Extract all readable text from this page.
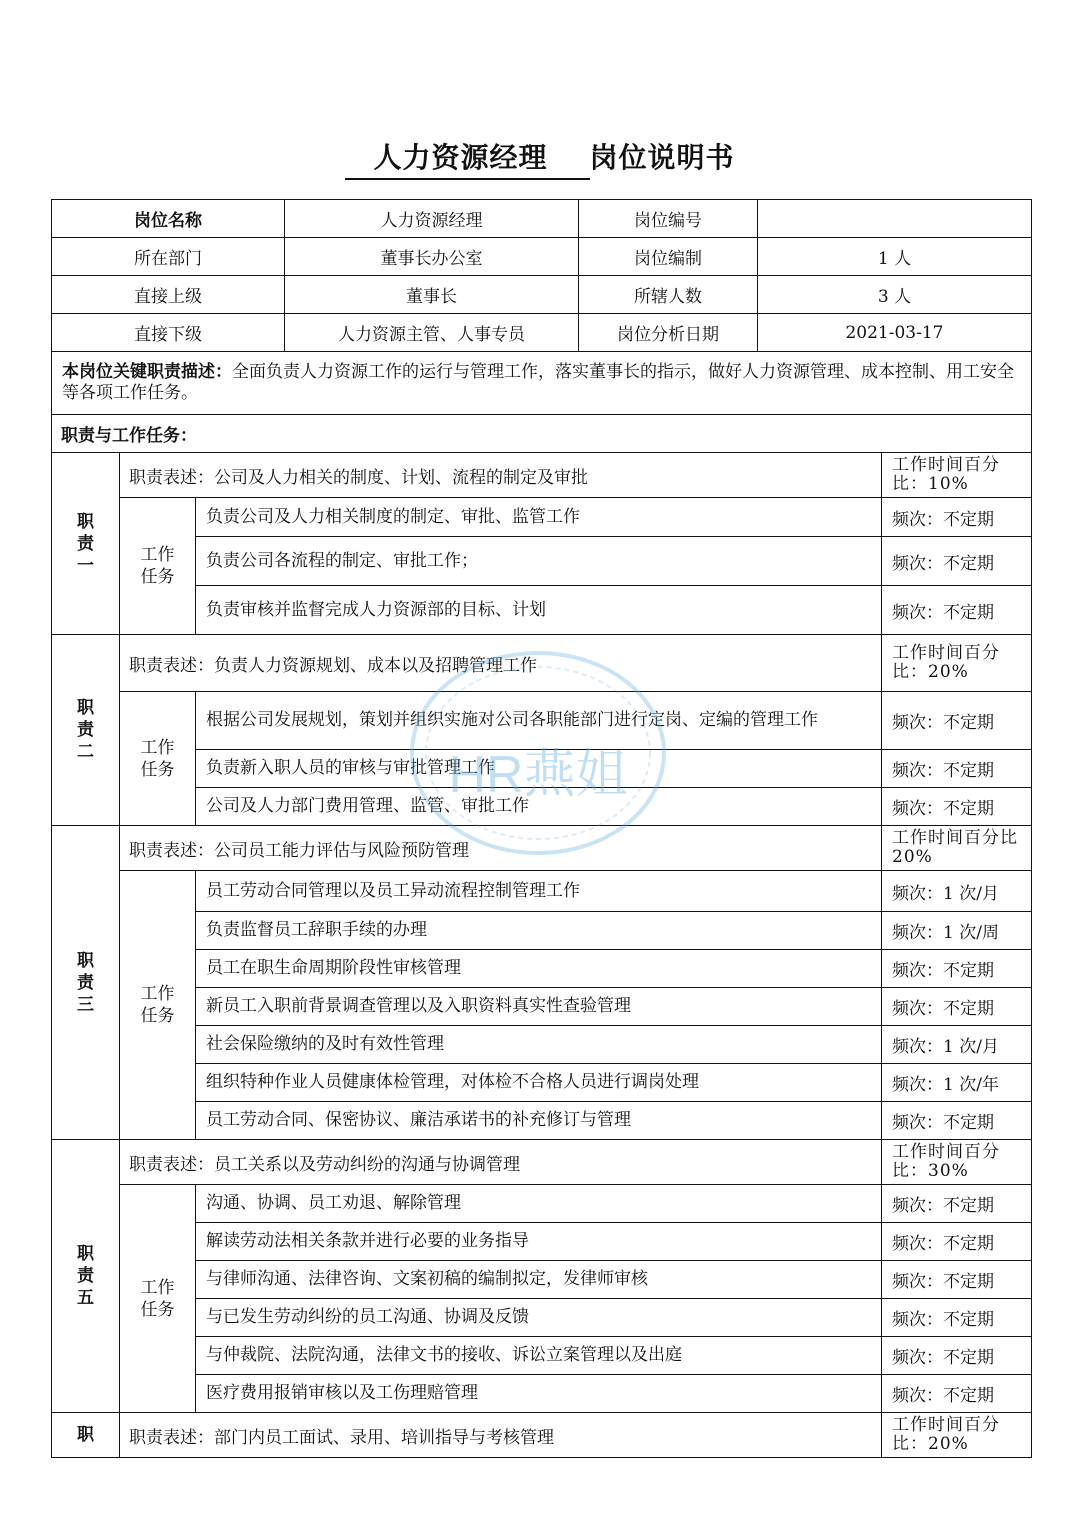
人力资源经理 岗位说明书
岗位名称			人力资源经理	岗位编号		
所在部门			董事长办公室	岗位编制	1 人	
直接上级			董事长	所辖人数	3 人	
直接下级			人力资源主管、人事专员	岗位分析日期	2021-03-17	
本岗位关键职责描述：全面负责人力资源工作的运行与管理工作，落实董事长的指示，做好人力资源管理、成本控制、用工安全等各项工作任务。						
职责与工作任务：						
职责一	职责表述：公司及人力相关的制度、计划、流程的制定及审批					工作时间百分比：10%
	工作任务	负责公司及人力相关制度的制定、审批、监管工作				频次：不定期
		负责公司各流程的制定、审批工作；				频次：不定期
		负责审核并监督完成人力资源部的目标、计划				频次：不定期
职责二	职责表述：负责人力资源规划、成本以及招聘管理工作					工作时间百分比：20%
	工作任务	根据公司发展规划，策划并组织实施对公司各职能部门进行定岗、定编的管理工作				频次：不定期
		负责新入职人员的审核与审批管理工作				频次：不定期
		公司及人力部门费用管理、监管、审批工作				频次：不定期
职责三	职责表述：公司员工能力评估与风险预防管理					工作时间百分比 20%
	工作任务	员工劳动合同管理以及员工异动流程控制管理工作				频次：1 次/月
		负责监督员工辞职手续的办理				频次：1 次/周
		员工在职生命周期阶段性审核管理				频次：不定期
		新员工入职前背景调查管理以及入职资料真实性查验管理				频次：不定期
		社会保险缴纳的及时有效性管理				频次：1 次/月
		组织特种作业人员健康体检管理，对体检不合格人员进行调岗处理				频次：1 次/年
		员工劳动合同、保密协议、廉洁承诺书的补充修订与管理				频次：不定期
职责五	职责表述：员工关系以及劳动纠纷的沟通与协调管理					工作时间百分比：30%
	工作任务	沟通、协调、员工劝退、解除管理				频次：不定期
		解读劳动法相关条款并进行必要的业务指导				频次：不定期
		与律师沟通、法律咨询、文案初稿的编制拟定，发律师审核				频次：不定期
		与已发生劳动纠纷的员工沟通、协调及反馈				频次：不定期
		与仲裁院、法院沟通，法律文书的接收、诉讼立案管理以及出庭				频次：不定期
		医疗费用报销审核以及工伤理赔管理				频次：不定期
职	职责表述：部门内员工面试、录用、培训指导与考核管理					工作时间百分比：20%
HR燕姐
